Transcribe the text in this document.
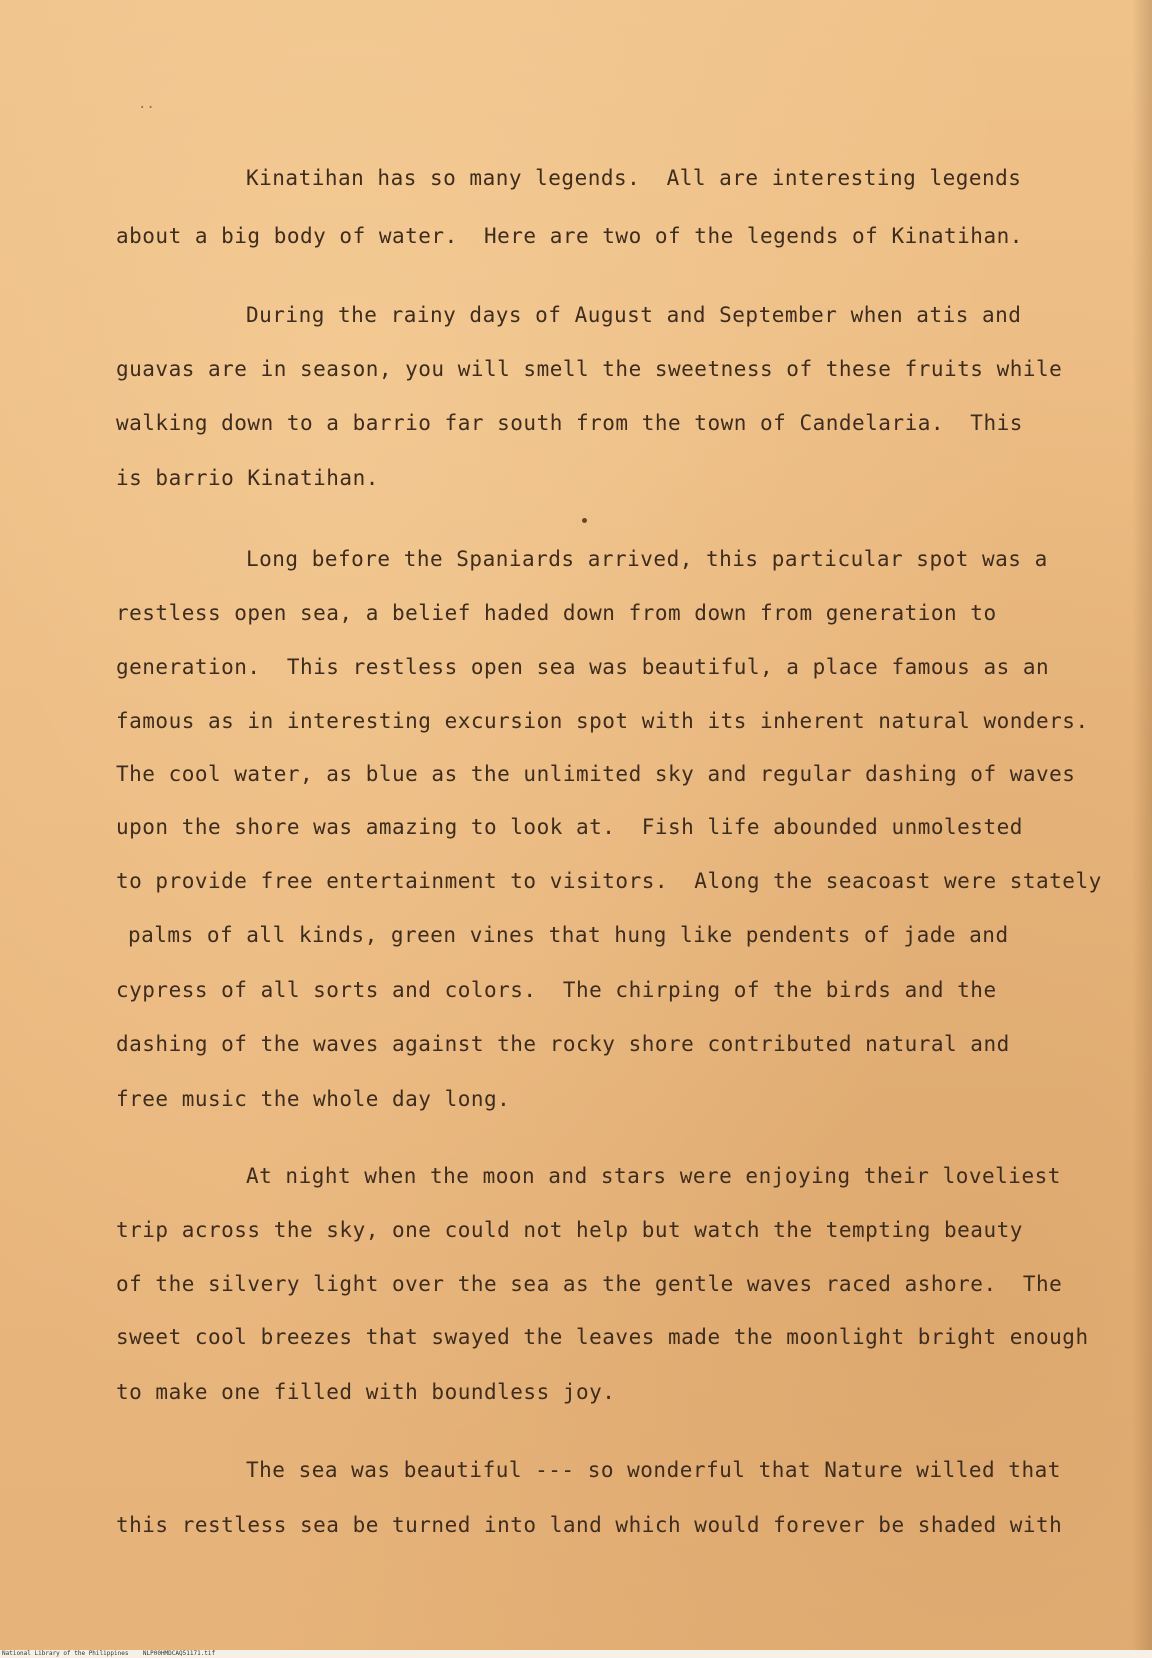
..
Kinatihan has so many legends.  All are interesting legends
about a big body of water.  Here are two of the legends of Kinatihan.
During the rainy days of August and September when atis and
guavas are in season, you will smell the sweetness of these fruits while
walking down to a barrio far south from the town of Candelaria.  This
is barrio Kinatihan.
Long before the Spaniards arrived, this particular spot was a
restless open sea, a belief haded down from down from generation to
generation.  This restless open sea was beautiful, a place famous as an
famous as in interesting excursion spot with its inherent natural wonders.
The cool water, as blue as the unlimited sky and regular dashing of waves
upon the shore was amazing to look at.  Fish life abounded unmolested
to provide free entertainment to visitors.  Along the seacoast were stately
palms of all kinds, green vines that hung like pendents of jade and
cypress of all sorts and colors.  The chirping of the birds and the
dashing of the waves against the rocky shore contributed natural and
free music the whole day long.
At night when the moon and stars were enjoying their loveliest
trip across the sky, one could not help but watch the tempting beauty
of the silvery light over the sea as the gentle waves raced ashore.  The
sweet cool breezes that swayed the leaves made the moonlight bright enough
to make one filled with boundless joy.
The sea was beautiful --- so wonderful that Nature willed that
this restless sea be turned into land which would forever be shaded with
National Library of the Philippines    NLP00HMDCAQ51171.tif
